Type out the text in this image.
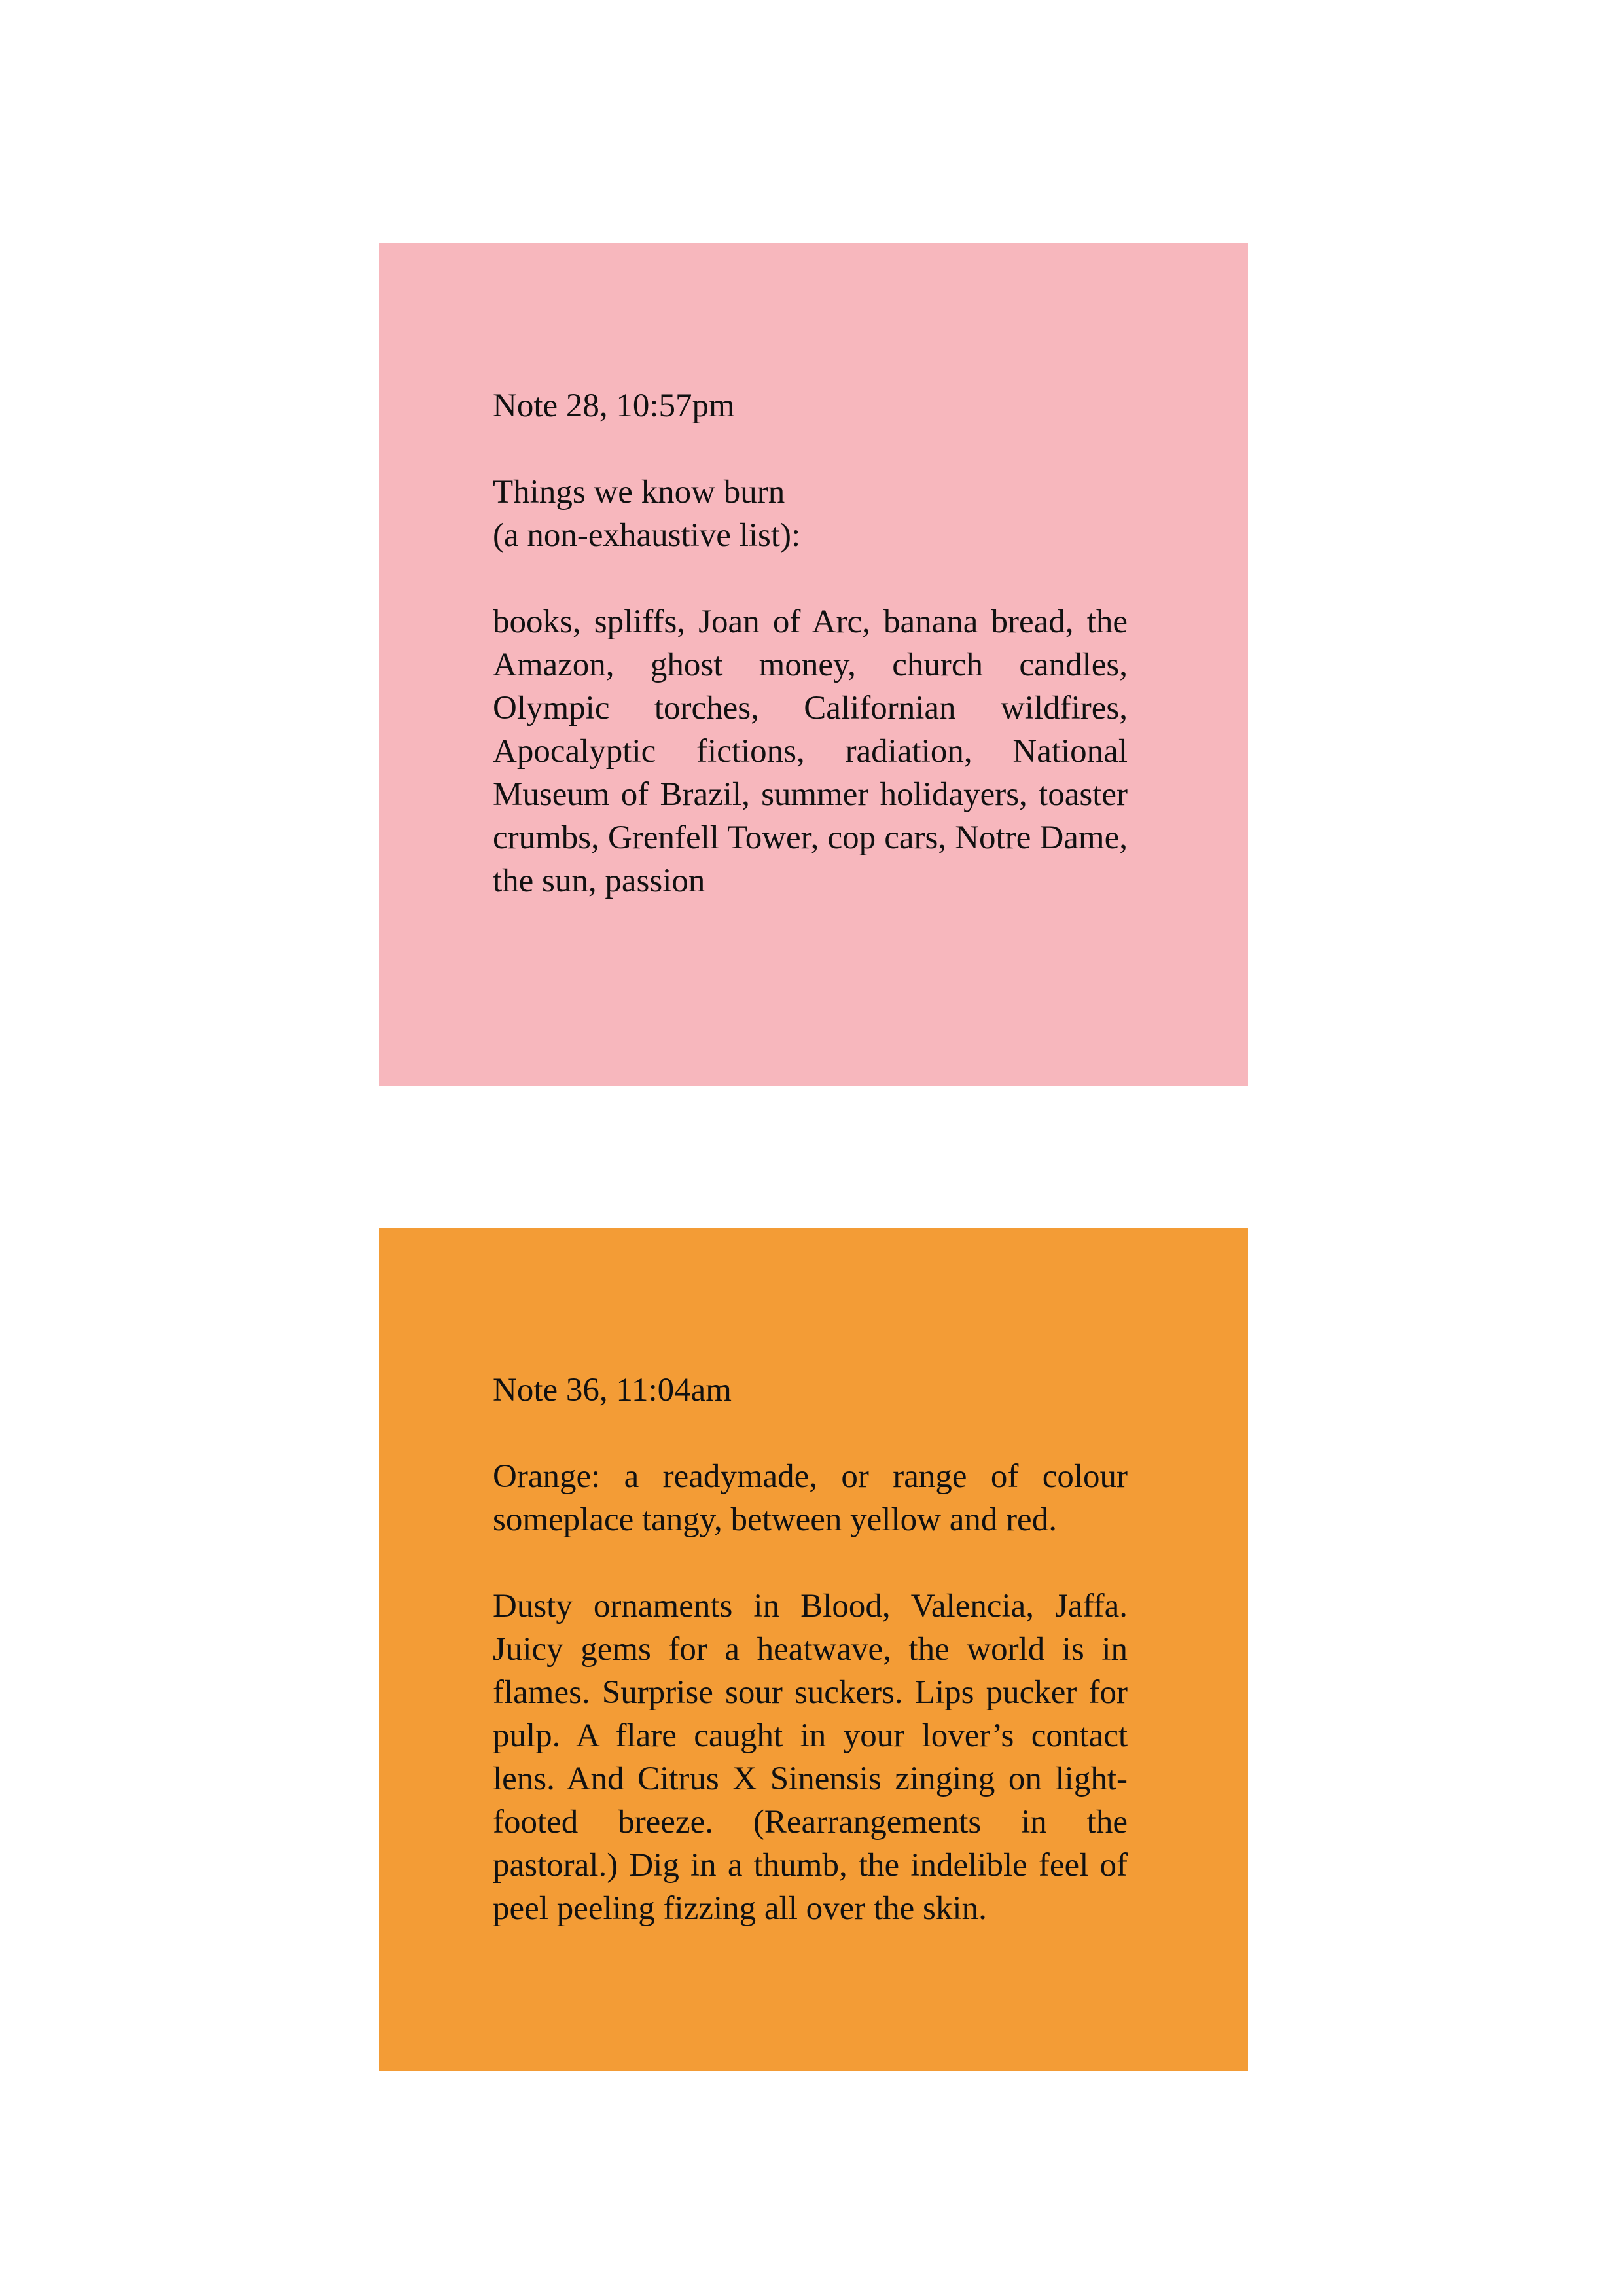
Note 28, 10:57pm

Things we know burn

(a non-exhaustive list):

books, spliffs, Joan of Arc, banana bread, the Amazon, ghost money, church candles, Olympic torches, Californian wildfires, Apocalyptic fictions, radiation, National Museum of Brazil, summer holidayers, toaster crumbs, Grenfell Tower, cop cars, Notre Dame, the sun, passion

Note 36, 11:04am

Orange: a readymade, or range of colour someplace tangy, between yellow and red.

Dusty ornaments in Blood, Valencia, Jaffa. Juicy gems for a heatwave, the world is in flames. Surprise sour suckers. Lips pucker for pulp. A flare caught in your lover’s contact lens. And Citrus X Sinensis zinging on light-footed breeze. (Rearrangements in the pastoral.) Dig in a thumb, the indelible feel of peel peeling fizzing all over the skin.
